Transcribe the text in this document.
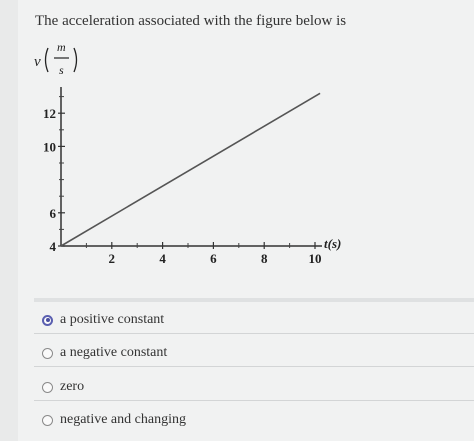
The acceleration associated with the figure below is
v
m
s
12
10
6
4
2	4	6	8	10
t(s)
a positive constant
a negative constant
zero
negative and changing
